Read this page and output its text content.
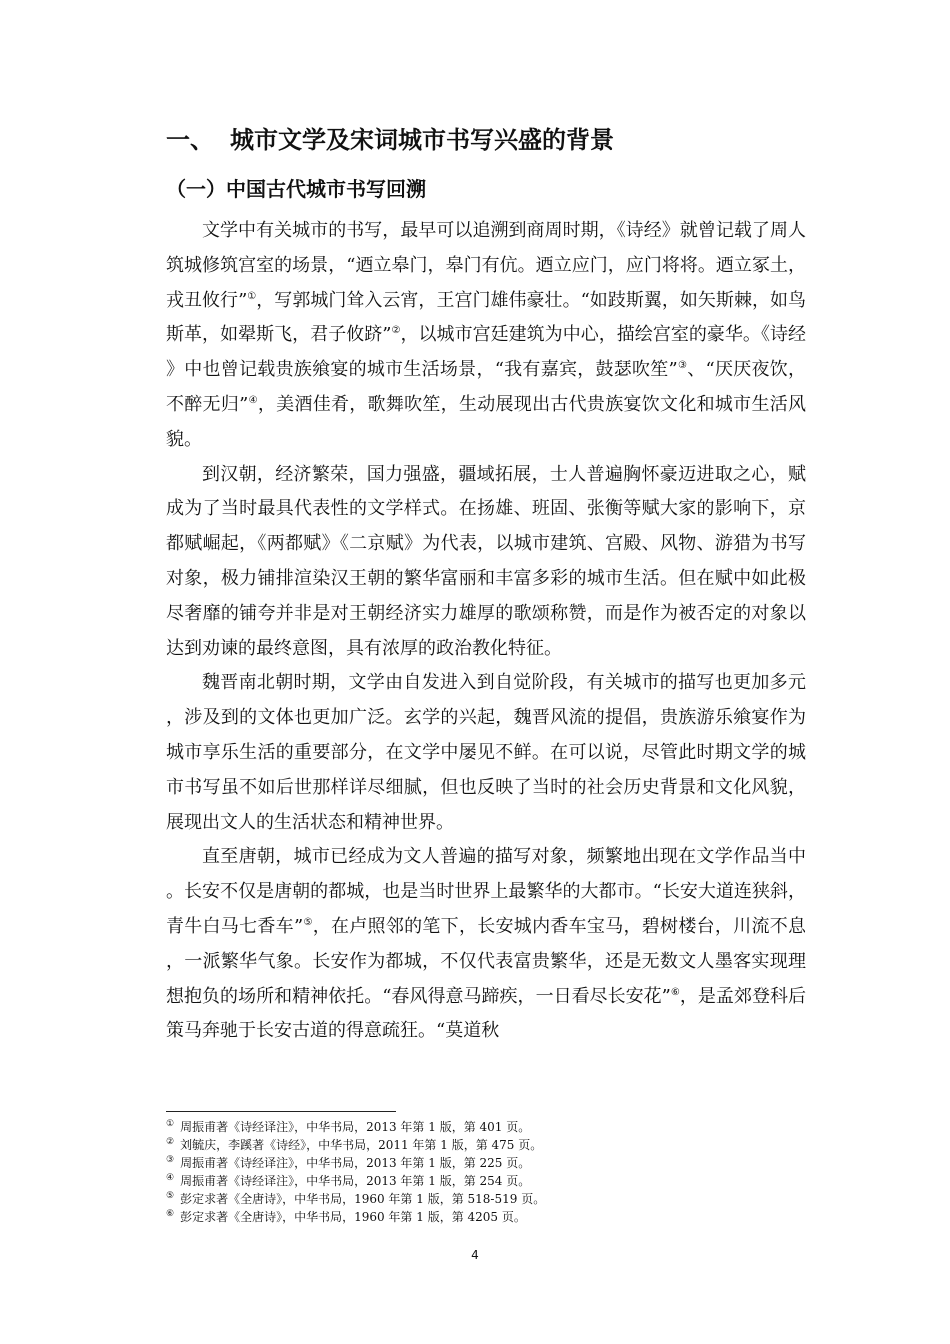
一、 城市文学及宋词城市书写兴盛的背景
（一）中国古代城市书写回溯

文学中有关城市的书写，最早可以追溯到商周时期，《诗经》就曾记载了周人筑城修筑宫室的场景，“迺立皋门，皋门有伉。迺立应门，应门将将。迺立冢土，戎丑攸行”①，写郭城门耸入云宵，王宫门雄伟豪壮。“如跂斯翼，如矢斯棘，如鸟斯革，如翚斯飞，君子攸跻”②，以城市宫廷建筑为中心，描绘宫室的豪华。《诗经》中也曾记载贵族飨宴的城市生活场景，“我有嘉宾，鼓瑟吹笙”③、“厌厌夜饮，不醉无归”④，美酒佳肴，歌舞吹笙，生动展现出古代贵族宴饮文化和城市生活风貌。

到汉朝，经济繁荣，国力强盛，疆域拓展，士人普遍胸怀豪迈进取之心，赋成为了当时最具代表性的文学样式。在扬雄、班固、张衡等赋大家的影响下，京都赋崛起，《两都赋》《二京赋》为代表，以城市建筑、宫殿、风物、游猎为书写对象，极力铺排渲染汉王朝的繁华富丽和丰富多彩的城市生活。但在赋中如此极尽奢靡的铺夸并非是对王朝经济实力雄厚的歌颂称赞，而是作为被否定的对象以达到劝谏的最终意图，具有浓厚的政治教化特征。

魏晋南北朝时期，文学由自发进入到自觉阶段，有关城市的描写也更加多元，涉及到的文体也更加广泛。玄学的兴起，魏晋风流的提倡，贵族游乐飨宴作为城市享乐生活的重要部分，在文学中屡见不鲜。在可以说，尽管此时期文学的城市书写虽不如后世那样详尽细腻，但也反映了当时的社会历史背景和文化风貌，展现出文人的生活状态和精神世界。

直至唐朝，城市已经成为文人普遍的描写对象，频繁地出现在文学作品当中。长安不仅是唐朝的都城，也是当时世界上最繁华的大都市。“长安大道连狭斜，青牛白马七香车”⑤，在卢照邻的笔下，长安城内香车宝马，碧树楼台，川流不息，一派繁华气象。长安作为都城，不仅代表富贵繁华，还是无数文人墨客实现理想抱负的场所和精神依托。“春风得意马蹄疾，一日看尽长安花”⑥，是孟郊登科后策马奔驰于长安古道的得意疏狂。“莫道秋

① 周振甫著《诗经译注》，中华书局，2013 年第 1 版，第 401 页。
② 刘毓庆，李蹊著《诗经》，中华书局，2011 年第 1 版，第 475 页。
③ 周振甫著《诗经译注》，中华书局，2013 年第 1 版，第 225 页。
④ 周振甫著《诗经译注》，中华书局，2013 年第 1 版，第 254 页。
⑤ 彭定求著《全唐诗》，中华书局，1960 年第 1 版，第 518-519 页。
⑥ 彭定求著《全唐诗》，中华书局，1960 年第 1 版，第 4205 页。
4
